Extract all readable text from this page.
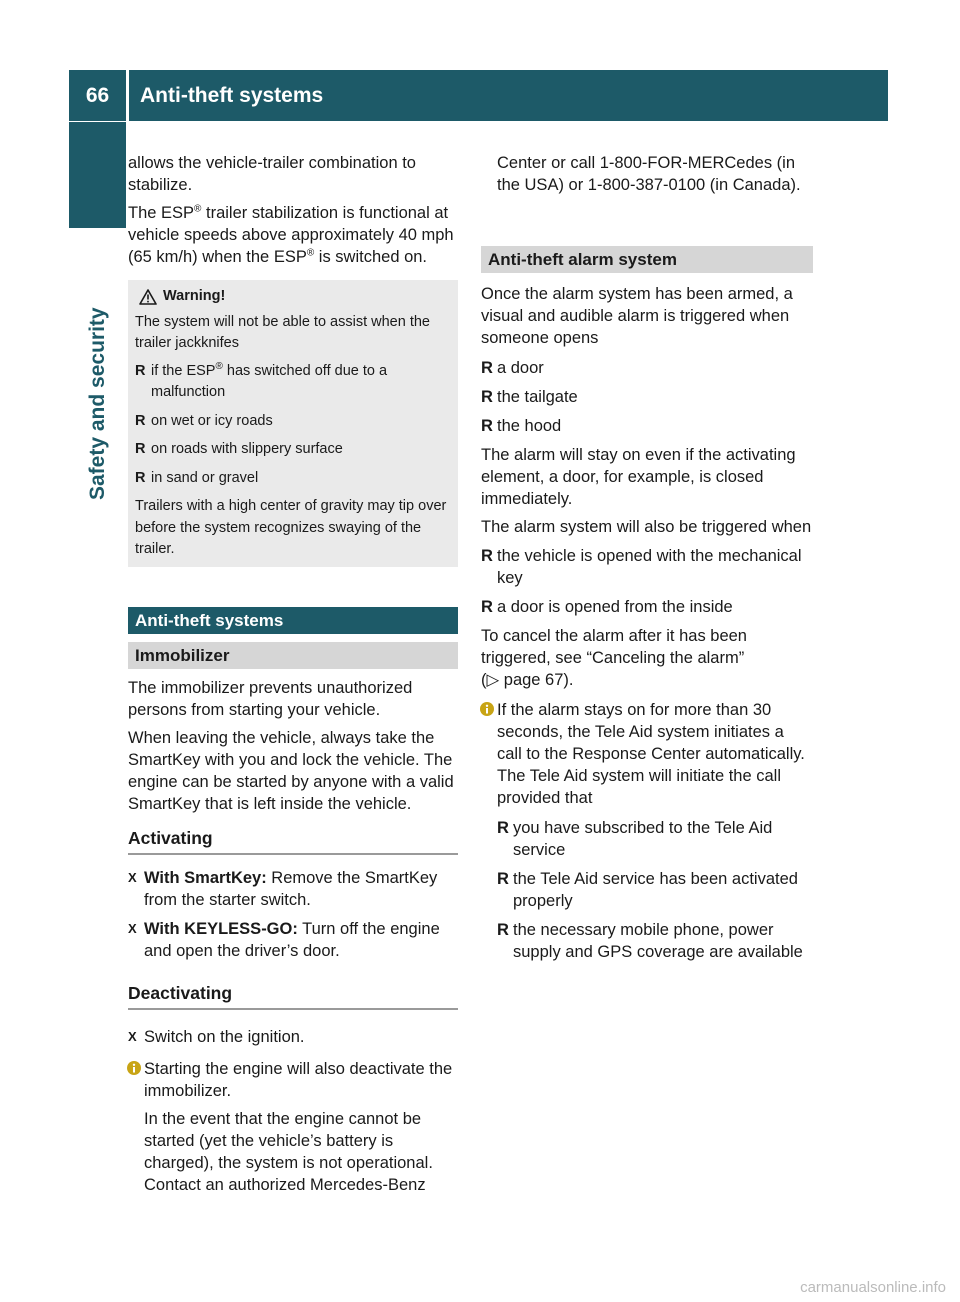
66	Anti-theft systems
Safety and security

allows the vehicle-trailer combination to stabilize.

The ESP® trailer stabilization is functional at vehicle speeds above approximately 40 mph (65 km/h) when the ESP® is switched on.

Warning!

The system will not be able to assist when the trailer jackknifes

R if the ESP® has switched off due to a malfunction
R on wet or icy roads
R on roads with slippery surface
R in sand or gravel

Trailers with a high center of gravity may tip over before the system recognizes swaying of the trailer.

Anti-theft systems
Immobilizer

The immobilizer prevents unauthorized persons from starting your vehicle.

When leaving the vehicle, always take the SmartKey with you and lock the vehicle. The engine can be started by anyone with a valid SmartKey that is left inside the vehicle.

Activating
X With SmartKey: Remove the SmartKey from the starter switch.
X With KEYLESS-GO: Turn off the engine and open the driver’s door.
Deactivating
X Switch on the ignition.

Starting the engine will also deactivate the immobilizer.

In the event that the engine cannot be started (yet the vehicle’s battery is charged), the system is not operational. Contact an authorized Mercedes-Benz

Center or call 1-800-FOR-MERCedes (in the USA) or 1-800-387-0100 (in Canada).

Anti-theft alarm system

Once the alarm system has been armed, a visual and audible alarm is triggered when someone opens

R a door
R the tailgate
R the hood

The alarm will stay on even if the activating element, a door, for example, is closed immediately.

The alarm system will also be triggered when

R the vehicle is opened with the mechanical key
R a door is opened from the inside

To cancel the alarm after it has been triggered, see “Canceling the alarm”

(▷ page 67).

If the alarm stays on for more than 30 seconds, the Tele Aid system initiates a call to the Response Center automatically. The Tele Aid system will initiate the call provided that

R you have subscribed to the Tele Aid service
R the Tele Aid service has been activated properly
R the necessary mobile phone, power supply and GPS coverage are available
carmanualsonline.info
